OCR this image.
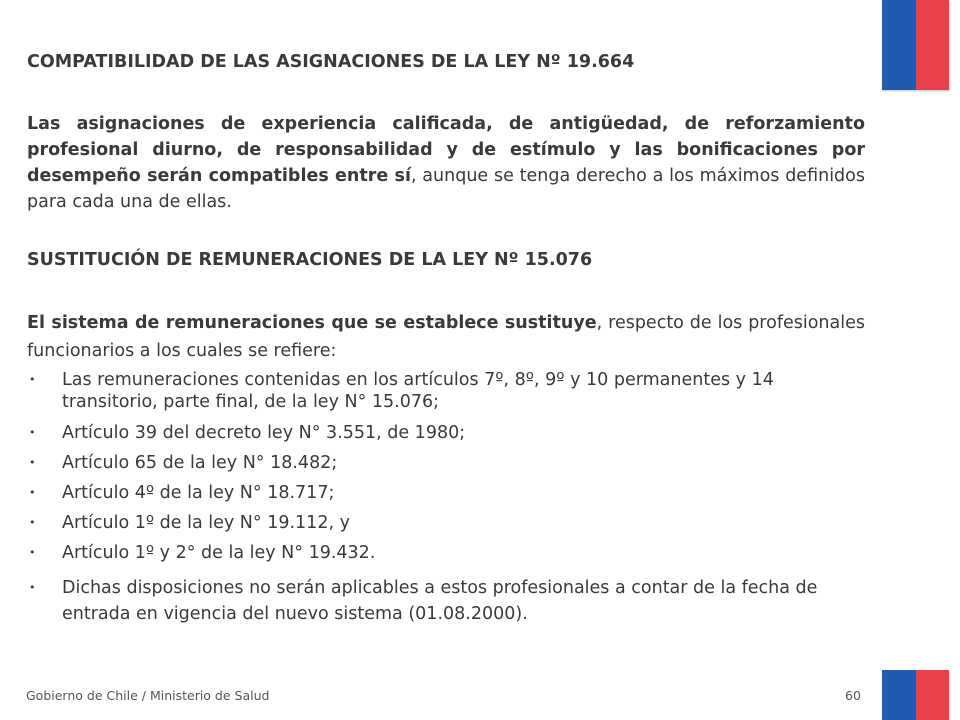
COMPATIBILIDAD DE LAS ASIGNACIONES DE LA LEY Nº 19.664

Las asignaciones de experiencia calificada, de antigüedad, de reforzamiento profesional diurno, de responsabilidad y de estímulo y las bonificaciones por desempeño serán compatibles entre sí, aunque se tenga derecho a los máximos definidos para cada una de ellas.

SUSTITUCIÓN DE REMUNERACIONES DE LA LEY Nº 15.076

El sistema de remuneraciones que se establece sustituye, respecto de los profesionales funcionarios a los cuales se refiere:

• Las remuneraciones contenidas en los artículos 7º, 8º, 9º y 10 permanentes y 14 transitorio, parte final, de la ley N° 15.076;
• Artículo 39 del decreto ley N° 3.551, de 1980;
• Artículo 65 de la ley N° 18.482;
• Artículo 4º de la ley N° 18.717;
• Artículo 1º de la ley N° 19.112, y
• Artículo 1º y 2° de la ley N° 19.432.
• Dichas disposiciones no serán aplicables a estos profesionales a contar de la fecha de entrada en vigencia del nuevo sistema (01.08.2000).
Gobierno de Chile / Ministerio de Salud	60
